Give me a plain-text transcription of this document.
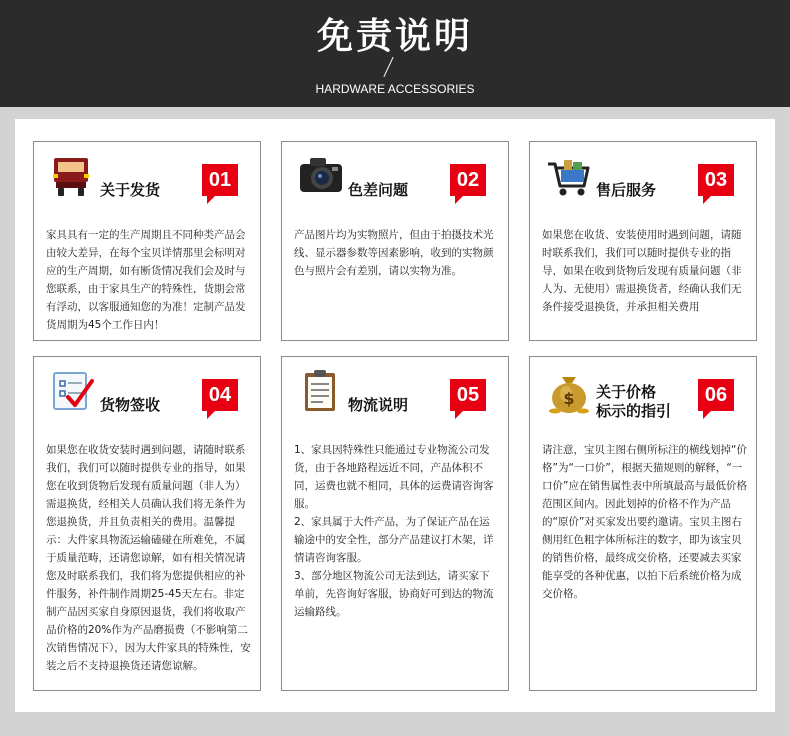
免责说明
HARDWARE ACCESSORIES
关于发货	01
家具具有一定的生产周期且不同种类产品会由较大差异，在每个宝贝详情那里会标明对应的生产周期，如有断货情况我们会及时与您联系，由于家具生产的特殊性，货期会常有浮动，以客服通知您的为准！定制产品发货周期为45个工作日内！
色差问题	02
产品图片均为实物照片，但由于拍摄技术光线、显示器参数等因素影响，收到的实物颜色与照片会有差别，请以实物为准。
售后服务	03
如果您在收货、安装使用时遇到问题，请随时联系我们，我们可以随时提供专业的指导，如果在收到货物后发现有质量问题（非人为、无使用）需退换货者，经确认我们无条件接受退换货，并承担相关费用
货物签收	04
如果您在收货安装时遇到问题，请随时联系我们，我们可以随时提供专业的指导，如果您在收到货物后发现有质量问题（非人为）需退换货，经相关人员确认我们将无条件为您退换货，并且负责相关的费用。温馨提示：大件家具物流运输磕碰在所难免，不属于质量范畴，还请您谅解，如有相关情况请您及时联系我们，我们将为您提供相应的补件服务，补件制作周期25-45天左右。非定制产品因买家自身原因退货，我们将收取产品价格的20%作为产品磨损费（不影响第二次销售情况下），因为大件家具的特殊性，安装之后不支持退换货还请您谅解。
物流说明	05
1、家具因特殊性只能通过专业物流公司发货，由于各地路程远近不同，产品体积不同，运费也就不相同，具体的运费请咨询客服。
2、家具属于大件产品，为了保证产品在运输途中的安全性，部分产品建议打木架，详情请咨询客服。
3、部分地区物流公司无法到达，请买家下单前，先咨询好客服，协商好可到达的物流运输路线。
$ 关于价格
标示的指引
06
请注意，宝贝主图右侧所标注的横线划掉“价格”为“一口价”，根据天猫规则的解释，“一口价”应在销售属性表中所填最高与最低价格范围区间内。因此划掉的价格不作为产品的“原价”对买家发出要约邀请。宝贝主图右侧用红色粗字体所标注的数字，即为该宝贝的销售价格，最终成交价格，还要减去买家能享受的各种优惠，以拍下后系统价格为成交价格。
